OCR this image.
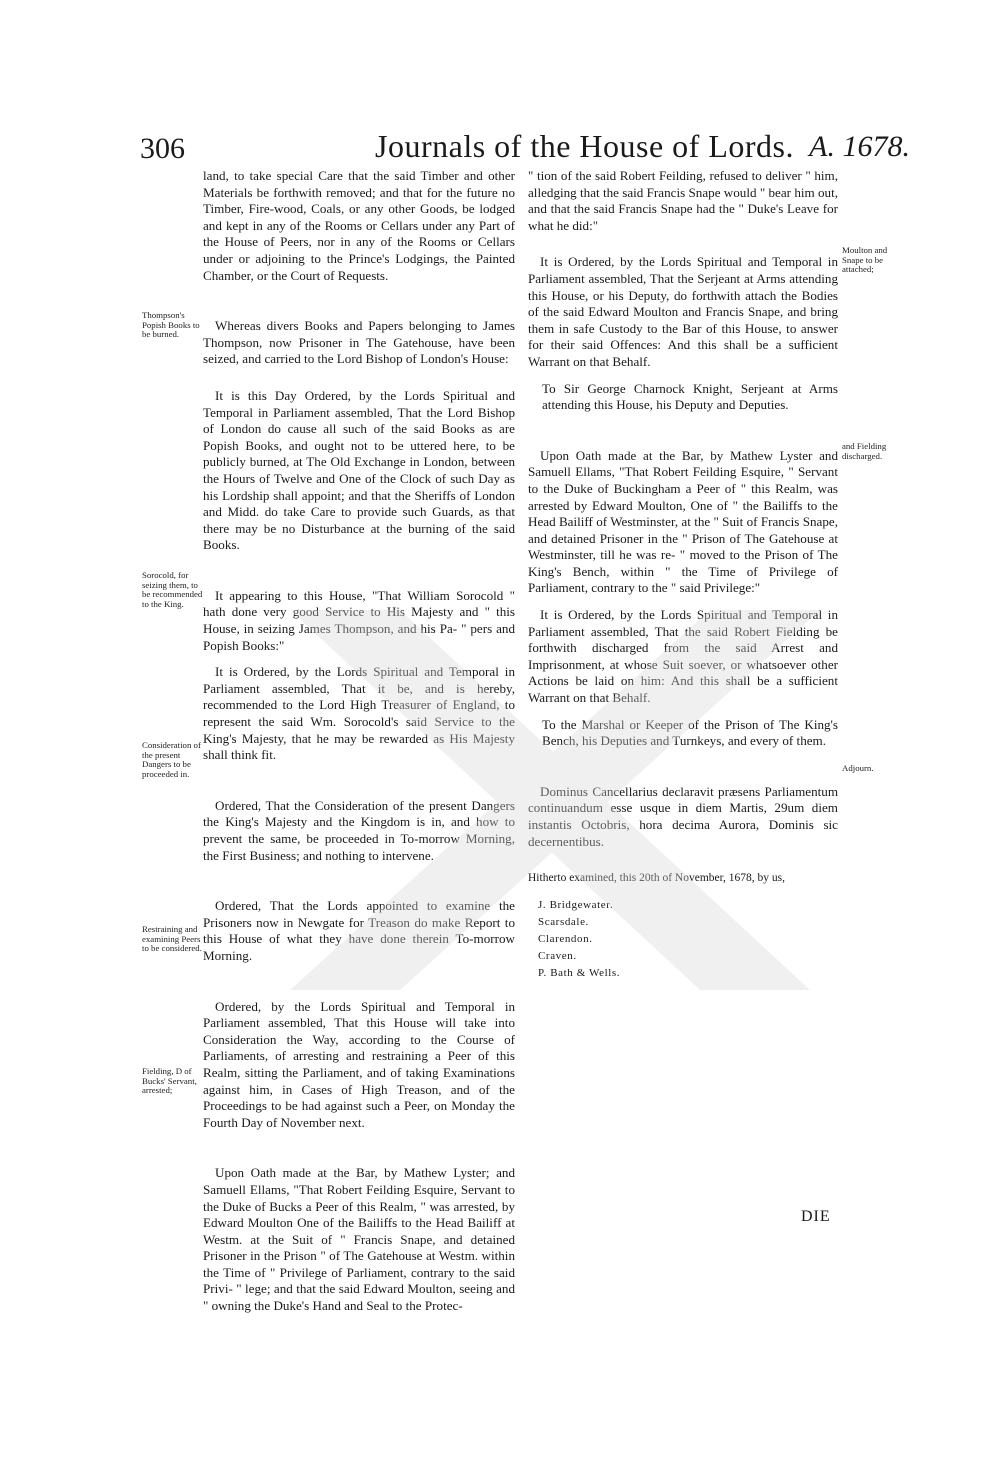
306	Journals of the House of Lords. A. 1678.
Thompson's Popish Books to be burned.
Sorocold, for seizing them, to be recommended to the King.
Consideration of the present Dangers to be proceeded in.
Restraining and examining Peers to be considered.
Fielding, D of Bucks' Servant, arrested;
Moulton and Snape to be attached;
and Fielding discharged.
Adjourn.

land, to take special Care that the said Timber and other Materials be forthwith removed; and that for the future no Timber, Fire-wood, Coals, or any other Goods, be lodged and kept in any of the Rooms or Cellars under any Part of the House of Peers, nor in any of the Rooms or Cellars under or adjoining to the Prince's Lodgings, the Painted Chamber, or the Court of Requests.

Whereas divers Books and Papers belonging to James Thompson, now Prisoner in The Gatehouse, have been seized, and carried to the Lord Bishop of London's House:

It is this Day Ordered, by the Lords Spiritual and Temporal in Parliament assembled, That the Lord Bishop of London do cause all such of the said Books as are Popish Books, and ought not to be uttered here, to be publicly burned, at The Old Exchange in London, between the Hours of Twelve and One of the Clock of such Day as his Lordship shall appoint; and that the Sheriffs of London and Midd. do take Care to provide such Guards, as that there may be no Disturbance at the burning of the said Books.

It appearing to this House, "That William Sorocold " hath done very good Service to His Majesty and " this House, in seizing James Thompson, and his Pa- " pers and Popish Books:"

It is Ordered, by the Lords Spiritual and Temporal in Parliament assembled, That it be, and is hereby, recommended to the Lord High Treasurer of England, to represent the said Wm. Sorocold's said Service to the King's Majesty, that he may be rewarded as His Majesty shall think fit.

Ordered, That the Consideration of the present Dangers the King's Majesty and the Kingdom is in, and how to prevent the same, be proceeded in To-morrow Morning, the First Business; and nothing to intervene.

Ordered, That the Lords appointed to examine the Prisoners now in Newgate for Treason do make Report to this House of what they have done therein To-morrow Morning.

Ordered, by the Lords Spiritual and Temporal in Parliament assembled, That this House will take into Consideration the Way, according to the Course of Parliaments, of arresting and restraining a Peer of this Realm, sitting the Parliament, and of taking Examinations against him, in Cases of High Treason, and of the Proceedings to be had against such a Peer, on Monday the Fourth Day of November next.

Upon Oath made at the Bar, by Mathew Lyster; and Samuell Ellams, "That Robert Feilding Esquire, Servant to the Duke of Bucks a Peer of this Realm, " was arrested, by Edward Moulton One of the Bailiffs to the Head Bailiff at Westm. at the Suit of " Francis Snape, and detained Prisoner in the Prison " of The Gatehouse at Westm. within the Time of " Privilege of Parliament, contrary to the said Privi- " lege; and that the said Edward Moulton, seeing and " owning the Duke's Hand and Seal to the Protec-

" tion of the said Robert Feilding, refused to deliver " him, alledging that the said Francis Snape would " bear him out, and that the said Francis Snape had the " Duke's Leave for what he did:"

It is Ordered, by the Lords Spiritual and Temporal in Parliament assembled, That the Serjeant at Arms attending this House, or his Deputy, do forthwith attach the Bodies of the said Edward Moulton and Francis Snape, and bring them in safe Custody to the Bar of this House, to answer for their said Offences: And this shall be a sufficient Warrant on that Behalf.

To Sir George Charnock Knight, Serjeant at Arms attending this House, his Deputy and Deputies.

Upon Oath made at the Bar, by Mathew Lyster and Samuell Ellams, "That Robert Feilding Esquire, " Servant to the Duke of Buckingham a Peer of " this Realm, was arrested by Edward Moulton, One of " the Bailiffs to the Head Bailiff of Westminster, at the " Suit of Francis Snape, and detained Prisoner in the " Prison of The Gatehouse at Westminster, till he was re- " moved to the Prison of The King's Bench, within " the Time of Privilege of Parliament, contrary to the " said Privilege:"

It is Ordered, by the Lords Spiritual and Temporal in Parliament assembled, That the said Robert Fielding be forthwith discharged from the said Arrest and Imprisonment, at whose Suit soever, or whatsoever other Actions be laid on him: And this shall be a sufficient Warrant on that Behalf.

To the Marshal or Keeper of the Prison of The King's Bench, his Deputies and Turnkeys, and every of them.

Dominus Cancellarius declaravit præsens Parliamentum continuandum esse usque in diem Martis, 29um diem instantis Octobris, hora decima Aurora, Dominis sic decernentibus.

Hitherto examined, this 20th of November, 1678, by us,

J. Bridgewater.
Scarsdale.
Clarendon.
Craven.
P. Bath & Wells.
DIE
